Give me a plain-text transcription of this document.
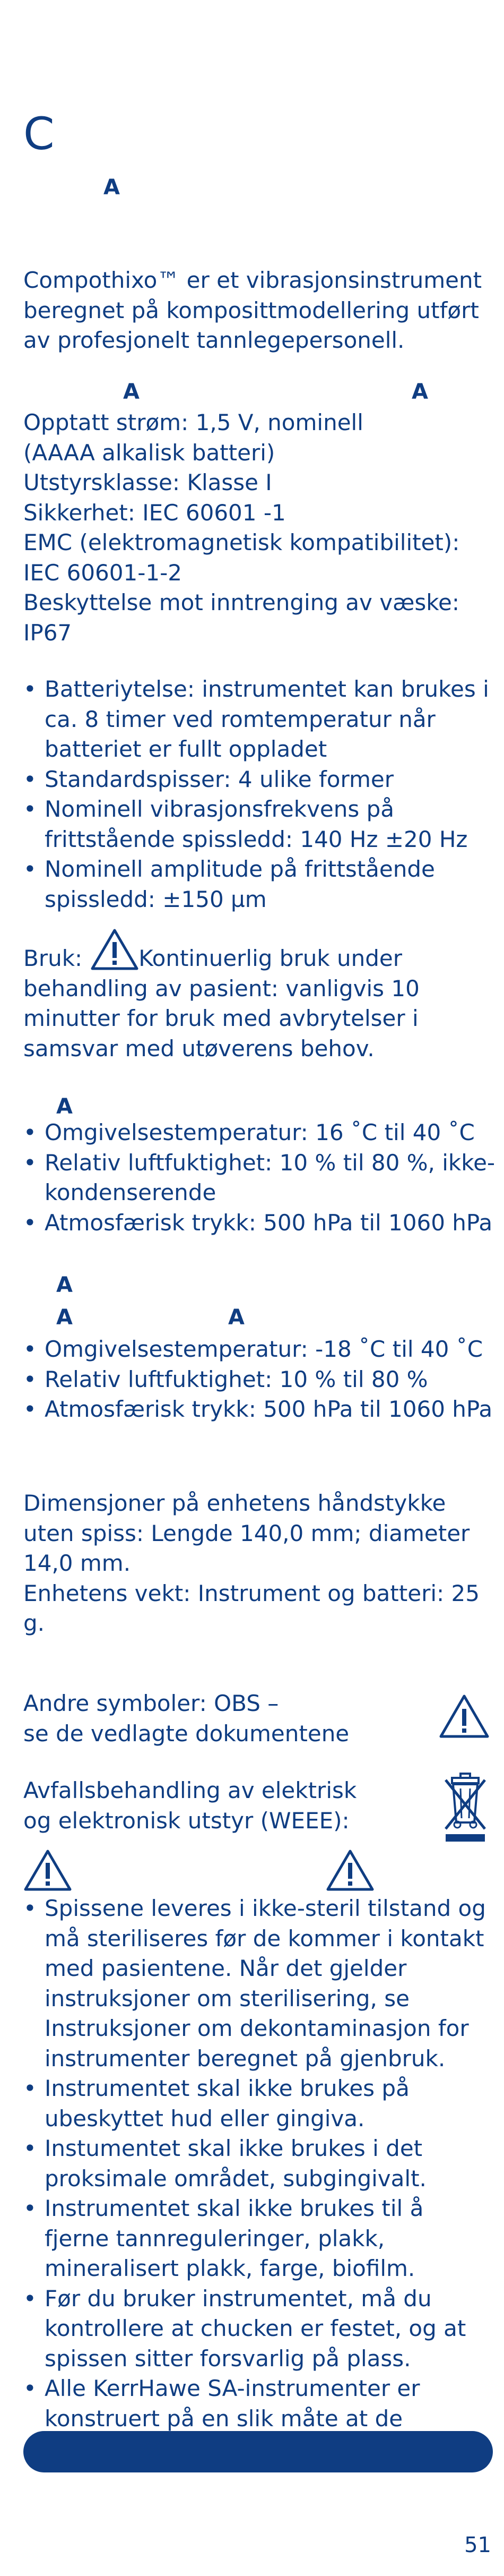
C
A
Compothixo™ er et vibrasjonsinstrument beregnet på komposittmodellering utført av profesjonelt tannlegepersonell.
A	A
Opptatt strøm: 1,5 V, nominell
(AAAA alkalisk batteri)
Utstyrsklasse: Klasse I
Sikkerhet: IEC 60601 -1
EMC (elektromagnetisk kompatibilitet):
IEC 60601-1-2
Beskyttelse mot inntrenging av væske:
IP67
• Batteriytelse: instrumentet kan brukes i ca. 8 timer ved romtemperatur når batteriet er fullt oppladet
• Standardspisser: 4 ulike former
• Nominell vibrasjonsfrekvens på frittstående spissledd: 140 Hz ±20 Hz
• Nominell amplitude på frittstående spissledd: ±150 µm
Bruk:	Kontinuerlig bruk under behandling av pasient: vanligvis 10 minutter for bruk med avbrytelser i samsvar med utøverens behov.
A
• Omgivelsestemperatur: 16 ˚C til 40 ˚C
• Relativ luftfuktighet: 10 % til 80 %, ikke-kondenserende
• Atmosfærisk trykk: 500 hPa til 1060 hPa
A
A	A
• Omgivelsestemperatur: -18 ˚C til 40 ˚C
• Relativ luftfuktighet: 10 % til 80 %
• Atmosfærisk trykk: 500 hPa til 1060 hPa
Dimensjoner på enhetens håndstykke uten spiss: Lengde 140,0 mm; diameter 14,0 mm.
Enhetens vekt: Instrument og batteri: 25 g.
Andre symboler: OBS –
se de vedlagte dokumentene
Avfallsbehandling av elektrisk
og elektronisk utstyr (WEEE):
• Spissene leveres i ikke-steril tilstand og må steriliseres før de kommer i kontakt med pasientene. Når det gjelder instruksjoner om sterilisering, se Instruksjoner om dekontaminasjon for instrumenter beregnet på gjenbruk.
• Instrumentet skal ikke brukes på ubeskyttet hud eller gingiva.
• Instumentet skal ikke brukes i det proksimale området, subgingivalt.
• Instrumentet skal ikke brukes til å fjerne tannreguleringer, plakk, mineralisert plakk, farge, biofilm.
• Før du bruker instrumentet, må du kontrollere at chucken er festet, og at spissen sitter forsvarlig på plass.
• Alle KerrHawe SA-instrumenter er konstruert på en slik måte at de
51
